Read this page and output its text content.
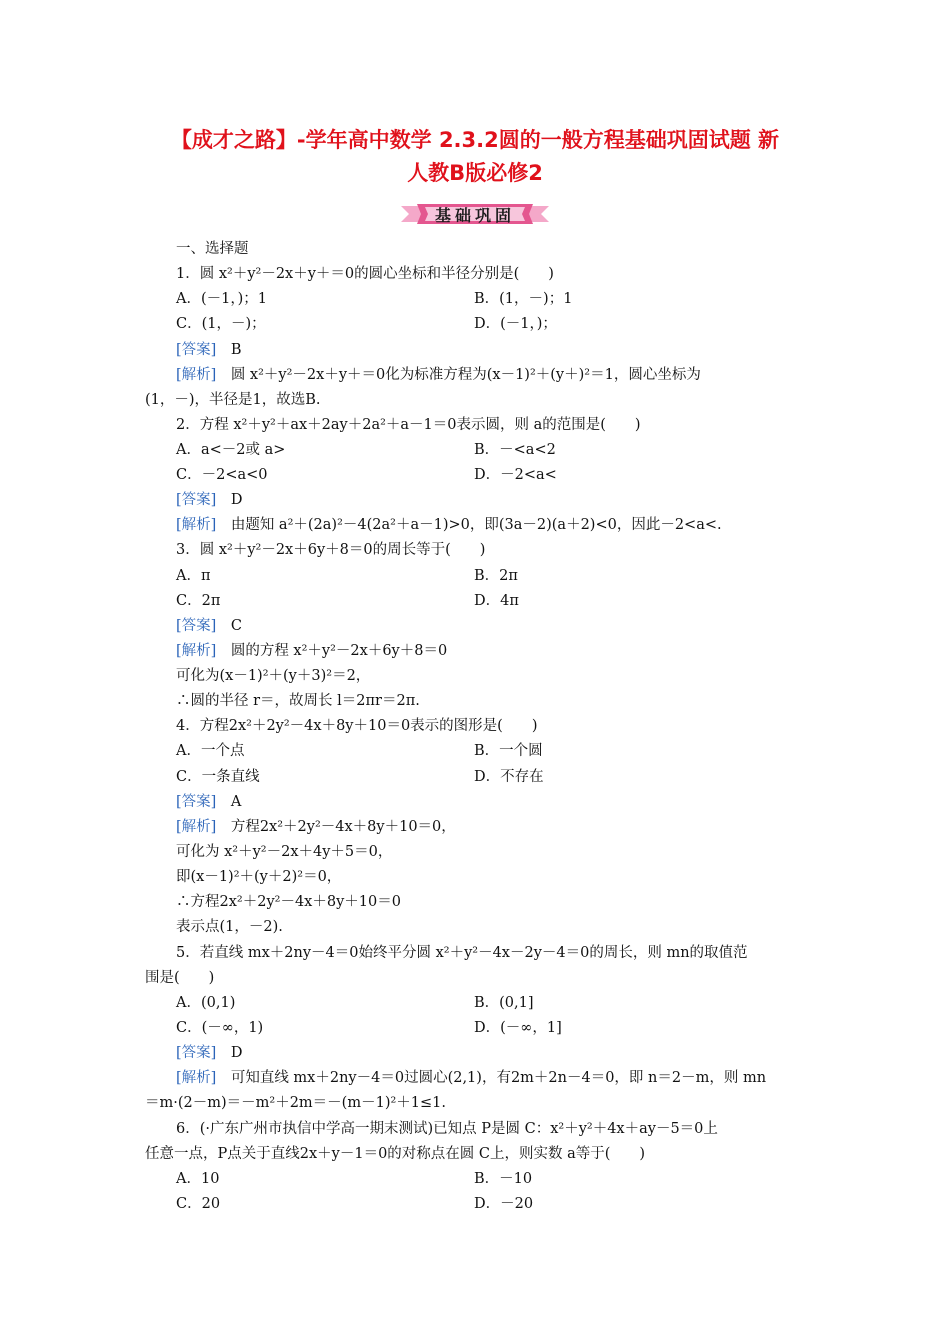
【成才之路】-学年高中数学 2.3.2圆的一般方程基础巩固试题 新
人教B版必修2
基础巩固
一、选择题
1．圆 x²＋y²－2x＋y＋＝0的圆心坐标和半径分别是(　　)
A．(－1，)；1	B．(1，－)；1
C．(1，－)；	D．(－1，)；
[答案]　 B
[解析]　 圆 x²＋y²－2x＋y＋＝0化为标准方程为(x－1)²＋(y＋)²＝1，圆心坐标为
(1，－)，半径是1，故选B.
2．方程 x²＋y²＋ax＋2ay＋2a²＋a－1＝0表示圆，则 a的范围是(　　)
A．a<－2或 a>	B．－<a<2
C．－2<a<0	D．－2<a<
[答案]　 D
[解析]　 由题知 a²＋(2a)²－4(2a²＋a－1)>0，即(3a－2)(a＋2)<0，因此－2<a<.
3．圆 x²＋y²－2x＋6y＋8＝0的周长等于(　　)
A．π	B．2π
C．2π	D．4π
[答案]　 C
[解析]　 圆的方程 x²＋y²－2x＋6y＋8＝0
可化为(x－1)²＋(y＋3)²＝2，
∴圆的半径 r＝，故周长 l＝2πr＝2π.
4．方程2x²＋2y²－4x＋8y＋10＝0表示的图形是(　　)
A．一个点	B．一个圆
C．一条直线	D．不存在
[答案]　 A
[解析]　 方程2x²＋2y²－4x＋8y＋10＝0，
可化为 x²＋y²－2x＋4y＋5＝0，
即(x－1)²＋(y＋2)²＝0，
∴方程2x²＋2y²－4x＋8y＋10＝0
表示点(1，－2).
5．若直线 mx＋2ny－4＝0始终平分圆 x²＋y²－4x－2y－4＝0的周长，则 mn的取值范
围是(　　)
A．(0,1)	B．(0,1]
C．(－∞，1)	D．(－∞，1]
[答案]　 D
[解析]　 可知直线 mx＋2ny－4＝0过圆心(2,1)，有2m＋2n－4＝0，即 n＝2－m，则 mn
＝m·(2－m)＝－m²＋2m＝－(m－1)²＋1≤1.
6．(·广东广州市执信中学高一期末测试)已知点 P是圆 C：x²＋y²＋4x＋ay－5＝0上
任意一点，P点关于直线2x＋y－1＝0的对称点在圆 C上，则实数 a等于(　　)
A．10	B．－10
C．20	D．－20
